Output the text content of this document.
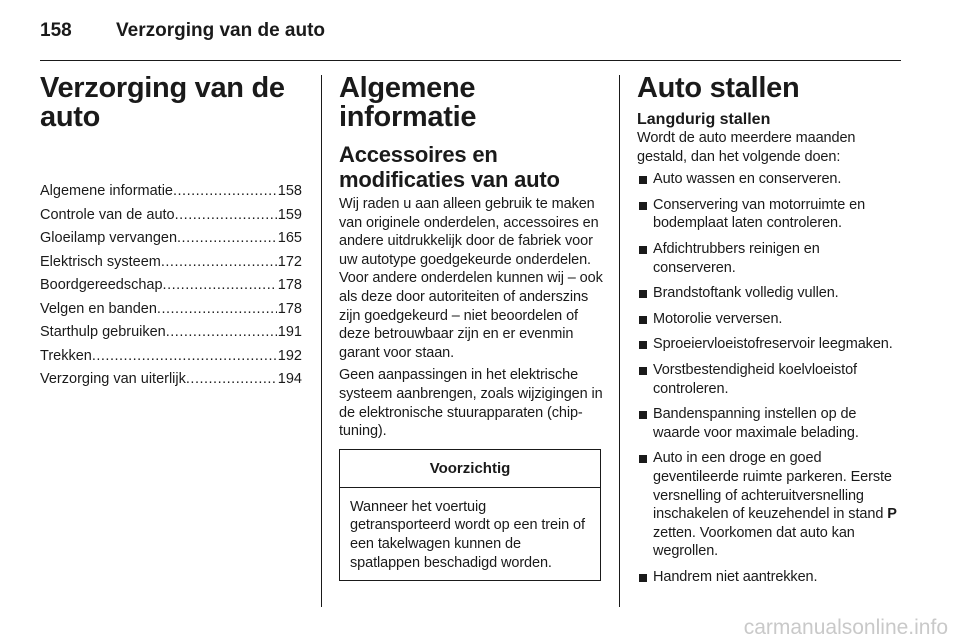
158	Verzorging van de auto
Verzorging van de auto
Algemene informatie .....	158
Controle van de auto .....	159
Gloeilamp vervangen .....	165
Elektrisch systeem .....	172
Boordgereedschap .....	178
Velgen en banden .....	178
Starthulp gebruiken .....	191
Trekken .....	192
Verzorging van uiterlijk .....	194
Algemene informatie
Accessoires en modificaties van auto

Wij raden u aan alleen gebruik te maken van originele onderdelen, accessoires en andere uitdrukkelijk door de fabriek voor uw autotype goedgekeurde onderdelen. Voor andere onderdelen kunnen wij – ook als deze door autoriteiten of anderszins zijn goedgekeurd – niet beoordelen of deze betrouwbaar zijn en er evenmin garant voor staan.

Geen aanpassingen in het elektrische systeem aanbrengen, zoals wijzigingen in de elektronische stuurapparaten (chip-tuning).

Voorzichtig
Wanneer het voertuig getransporteerd wordt op een trein of een takelwagen kunnen de spatlappen beschadigd worden.
Auto stallen
Langdurig stallen

Wordt de auto meerdere maanden gestald, dan het volgende doen:

Auto wassen en conserveren.
Conservering van motorruimte en bodemplaat laten controleren.
Afdichtrubbers reinigen en conserveren.
Brandstoftank volledig vullen.
Motorolie verversen.
Sproeiervloeistofreservoir leegmaken.
Vorstbestendigheid koelvloeistof controleren.
Bandenspanning instellen op de waarde voor maximale belading.
Auto in een droge en goed geventileerde ruimte parkeren. Eerste versnelling of achteruitversnelling inschakelen of keuzehendel in stand P zetten. Voorkomen dat auto kan wegrollen.
Handrem niet aantrekken.
carmanualsonline.info
